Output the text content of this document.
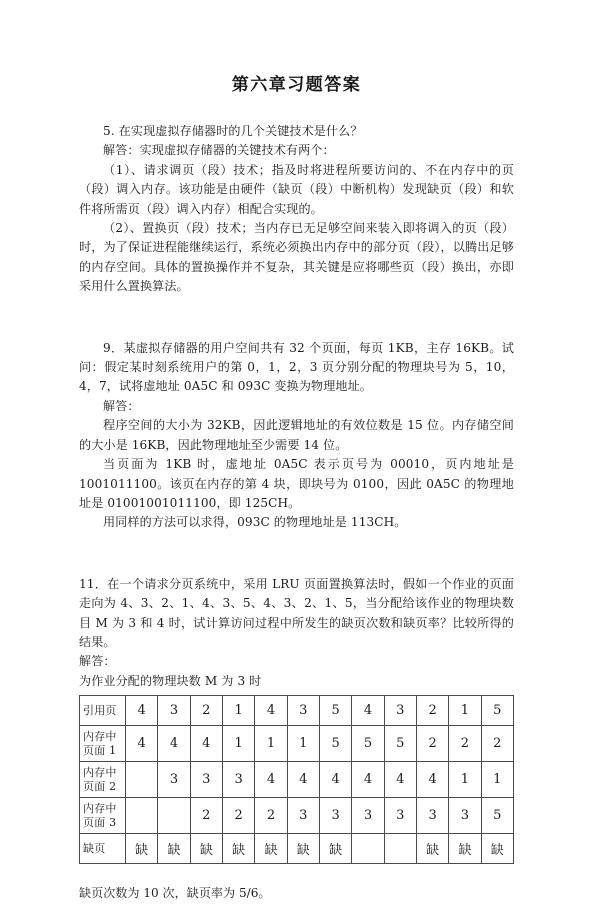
第六章习题答案

5. 在实现虚拟存储器时的几个关键技术是什么？

解答：实现虚拟存储器的关键技术有两个：

（1）、请求调页（段）技术；指及时将进程所要访问的、不在内存中的页（段）调入内存。该功能是由硬件（缺页（段）中断机构）发现缺页（段）和软件将所需页（段）调入内存）相配合实现的。

（2）、置换页（段）技术；当内存已无足够空间来装入即将调入的页（段）时，为了保证进程能继续运行，系统必须换出内存中的部分页（段），以腾出足够的内存空间。具体的置换操作并不复杂，其关键是应将哪些页（段）换出，亦即采用什么置换算法。

9．某虚拟存储器的用户空间共有 32 个页面，每页 1KB，主存 16KB。试问：假定某时刻系统用户的第 0，1，2，3 页分别分配的物理块号为 5，10，4，7，试将虚地址 0A5C 和 093C 变换为物理地址。

解答：

程序空间的大小为 32KB，因此逻辑地址的有效位数是 15 位。内存储空间的大小是 16KB，因此物理地址至少需要 14 位。

当页面为 1KB 时，虚地址 0A5C 表示页号为 00010，页内地址是 1001011100。该页在内存的第 4 块，即块号为 0100，因此 0A5C 的物理地址是 01001001011100，即 125CH。

用同样的方法可以求得，093C 的物理地址是 113CH。

11．在一个请求分页系统中，采用 LRU 页面置换算法时，假如一个作业的页面走向为 4、3、2、1、4、3、5、4、3、2、1、5，当分配给该作业的物理块数目 M 为 3 和 4 时，试计算访问过程中所发生的缺页次数和缺页率？比较所得的结果。

解答：

为作业分配的物理块数 M 为 3 时

引用页	4	3	2	1	4	3	5	4	3	2	1	5

内存中
页面 1	4	4	4	1	1	1	5	5	5	2	2	2

内存中
页面 2		3	3	3	4	4	4	4	4	4	1	1

内存中
页面 3			2	2	2	3	3	3	3	3	3	5

缺页	缺	缺	缺	缺	缺	缺	缺			缺	缺	缺

缺页次数为 10 次，缺页率为 5/6。
